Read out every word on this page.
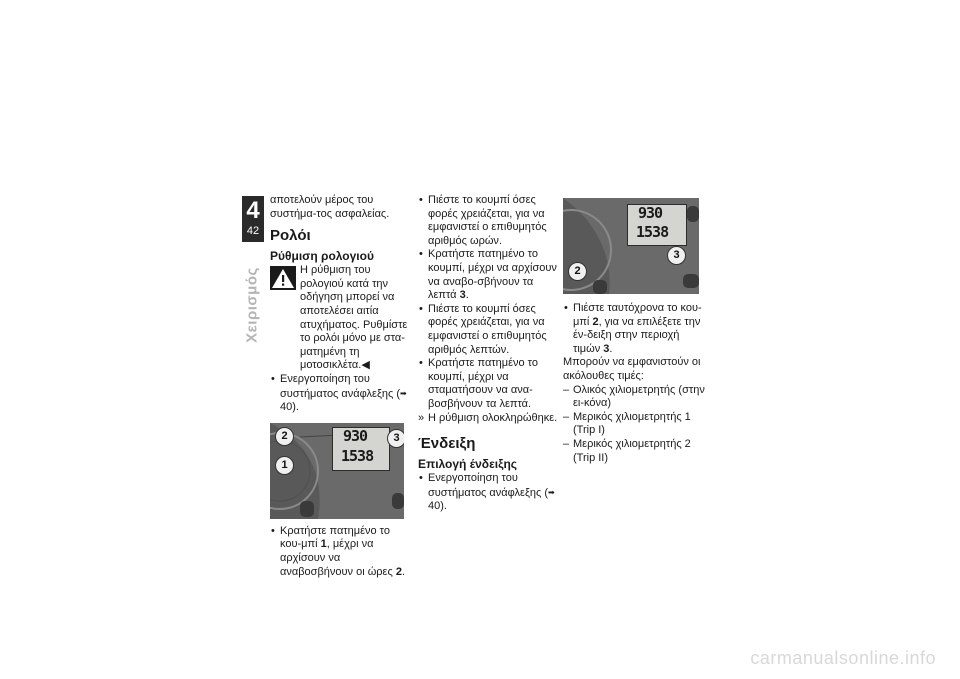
4
42
Χειρισμός

αποτελούν μέρος του συστήμα-τος ασφαλείας.

Ρολόι

Ρύθμιση ρολογιού

Η ρύθμιση του ρολογιού κατά την οδήγηση μπορεί να αποτελέσει αιτία ατυχήματος. Ρυθμίστε το ρολόι μόνο με στα-ματημένη τη μοτοσικλέτα.◀

• Ενεργοποίηση του συστήματος ανάφλεξης (➡ 40).

930
1538
2	3
1

• Κρατήστε πατημένο το κου-μπί 1, μέχρι να αρχίσουν να αναβοσβήνουν οι ώρες 2.

• Πιέστε το κουμπί όσες φορές χρειάζεται, για να εμφανιστεί ο επιθυμητός αριθμός ωρών.

• Κρατήστε πατημένο το κουμπί, μέχρι να αρχίσουν να αναβο-σβήνουν τα λεπτά 3.

• Πιέστε το κουμπί όσες φορές χρειάζεται, για να εμφανιστεί ο επιθυμητός αριθμός λεπτών.

• Κρατήστε πατημένο το κουμπί, μέχρι να σταματήσουν να ανα-βοσβήνουν τα λεπτά.

» Η ρύθμιση ολοκληρώθηκε.

Ένδειξη

Επιλογή ένδειξης

• Ενεργοποίηση του συστήματος ανάφλεξης (➡ 40).

930
1538
3
2

• Πιέστε ταυτόχρονα το κου-μπί 2, για να επιλέξετε την έν-δειξη στην περιοχή τιμών 3.

Μπορούν να εμφανιστούν οι ακόλουθες τιμές:

– Ολικός χιλιομετρητής (στην ει-κόνα)

– Μερικός χιλιομετρητής 1 (Trip I)

– Μερικός χιλιομετρητής 2 (Trip II)

carmanualsonline.info
